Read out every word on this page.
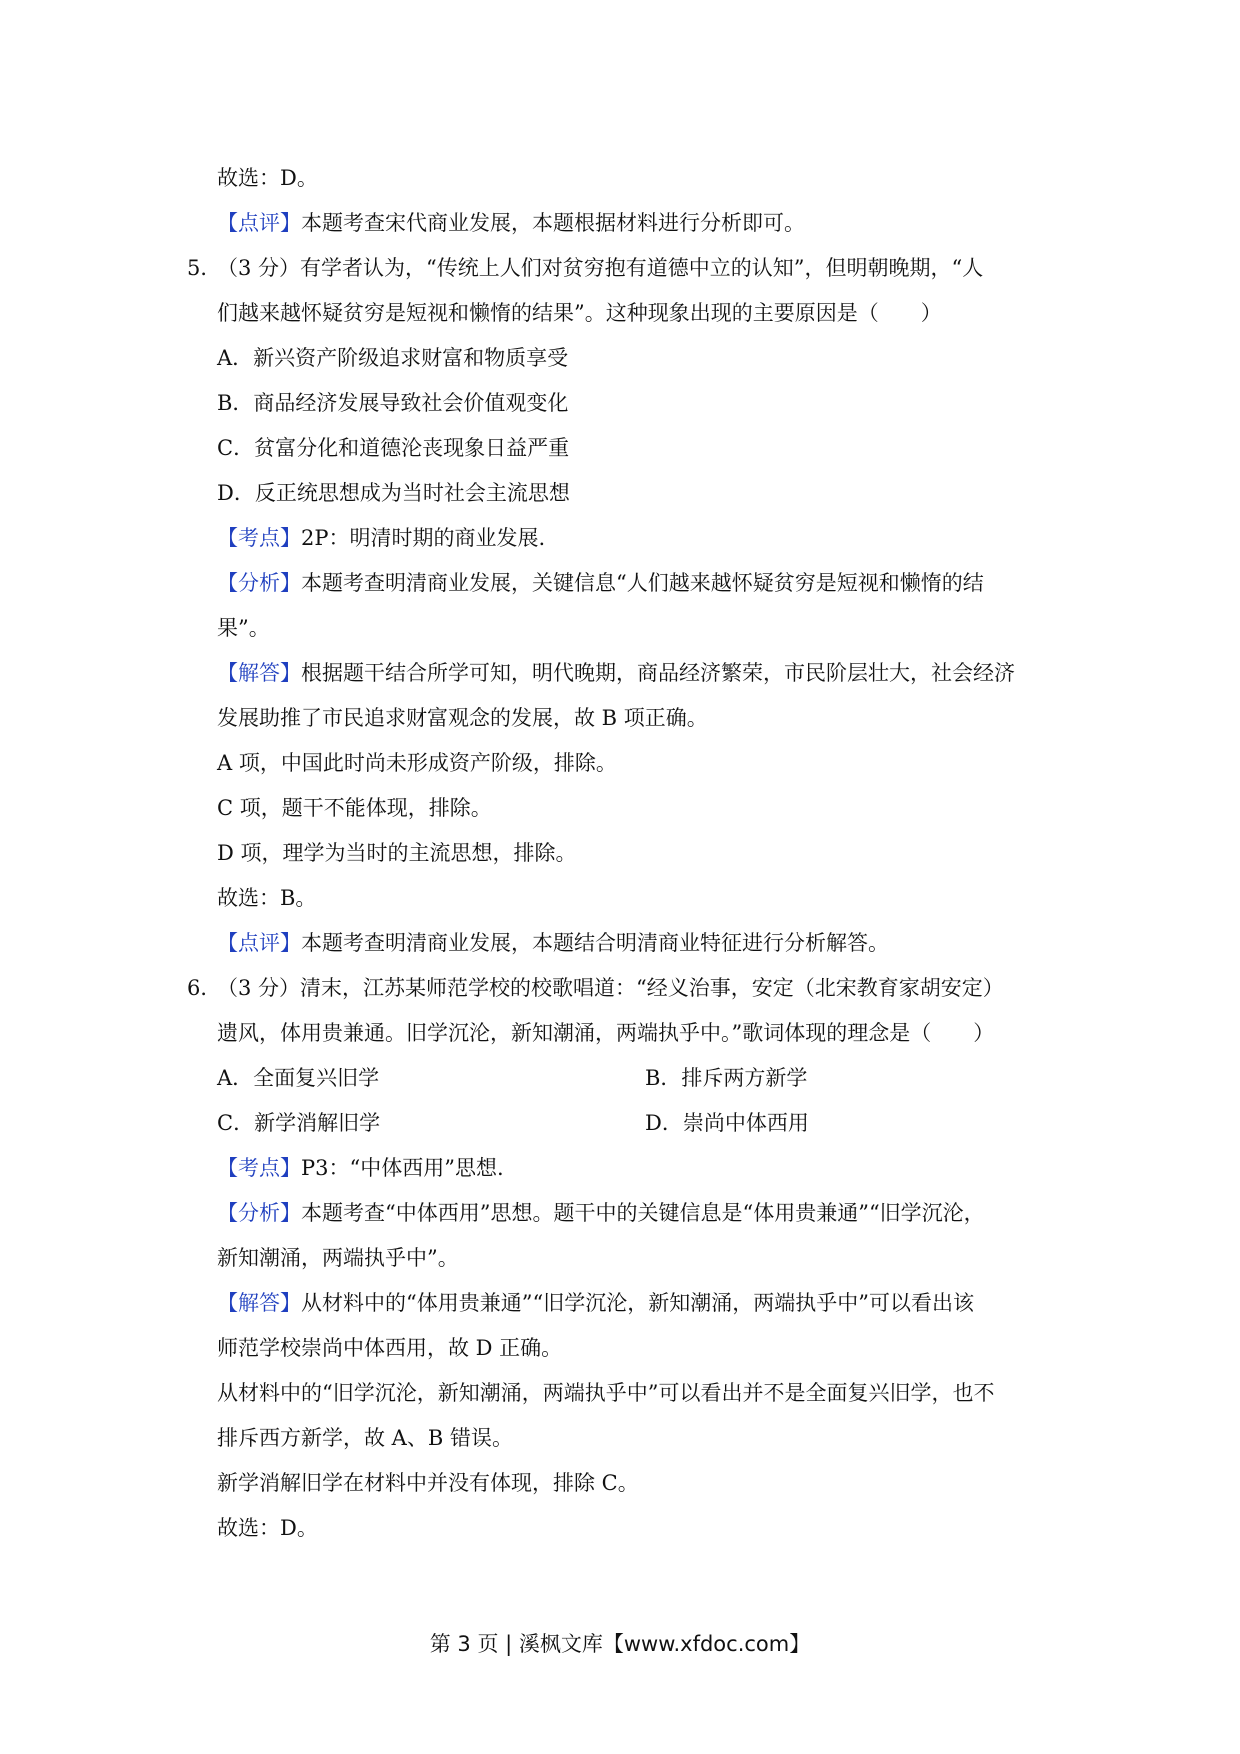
故选：D。
【点评】本题考查宋代商业发展，本题根据材料进行分析即可。
5．
（3 分）有学者认为，“传统上人们对贫穷抱有道德中立的认知”，但明朝晚期，“人
们越来越怀疑贫穷是短视和懒惰的结果”。这种现象出现的主要原因是（　　）
A．新兴资产阶级追求财富和物质享受
B．商品经济发展导致社会价值观变化
C．贫富分化和道德沦丧现象日益严重
D．反正统思想成为当时社会主流思想
【考点】2P：明清时期的商业发展.
【分析】本题考查明清商业发展，关键信息“人们越来越怀疑贫穷是短视和懒惰的结
果”。
【解答】根据题干结合所学可知，明代晚期，商品经济繁荣，市民阶层壮大，社会经济
发展助推了市民追求财富观念的发展，故 B 项正确。
A 项，中国此时尚未形成资产阶级，排除。
C 项，题干不能体现，排除。
D 项，理学为当时的主流思想，排除。
故选：B。
【点评】本题考查明清商业发展，本题结合明清商业特征进行分析解答。
6．
（3 分）清末，江苏某师范学校的校歌唱道：“经义治事，安定（北宋教育家胡安定）
遗风，体用贵兼通。旧学沉沦，新知潮涌，两端执乎中。”歌词体现的理念是（　　）
A．全面复兴旧学	B．排斥两方新学
C．新学消解旧学	D．崇尚中体西用
【考点】P3：“中体西用”思想.
【分析】本题考查“中体西用”思想。题干中的关键信息是“体用贵兼通”“旧学沉沦，
新知潮涌，两端执乎中”。
【解答】从材料中的“体用贵兼通”“旧学沉沦，新知潮涌，两端执乎中”可以看出该
师范学校崇尚中体西用，故 D 正确。
从材料中的“旧学沉沦，新知潮涌，两端执乎中”可以看出并不是全面复兴旧学，也不
排斥西方新学，故 A、B 错误。
新学消解旧学在材料中并没有体现，排除 C。
故选：D。
第 3 页 | 溪枫文库【www.xfdoc.com】
